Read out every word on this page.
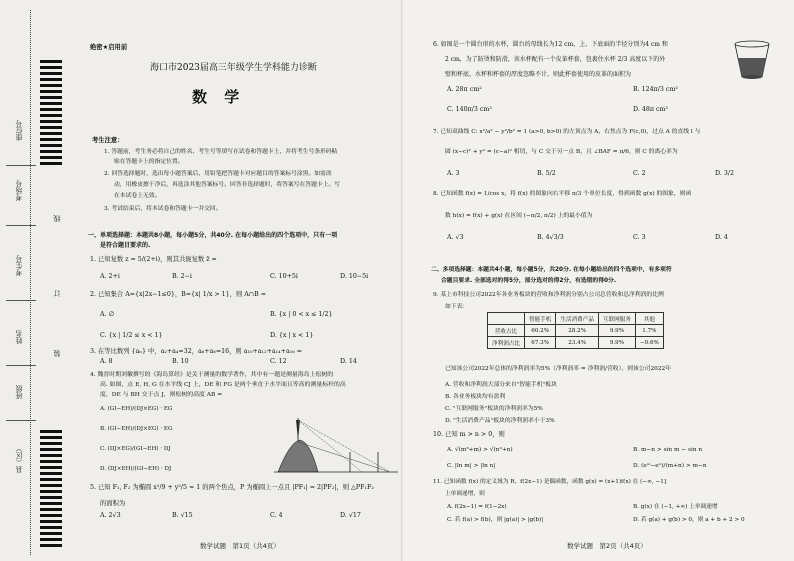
座位号
考场号
考生号
姓名
班级
县（区）
线
订
装
绝密★启用前
海口市2023届高三年级学生学科能力诊断
数 学
考生注意：
1. 答题前，考生务必将自己的姓名、考生号等填写在试卷和答题卡上，并将考生号条形码粘
贴在答题卡上的指定位置。
2. 回答选择题时，选出每小题答案后，用铅笔把答题卡对应题目的答案标号涂黑。如需改
动，用橡皮擦干净后，再选涂其他答案标号。回答非选择题时，将答案写在答题卡上。写
在本试卷上无效。
3. 考试结束后，将本试卷和答题卡一并交回。
一、单项选择题：本题共8小题，每小题5分，共40分. 在每小题给出的四个选项中，只有一项
是符合题目要求的.
1. 已知复数 z = 5/(2+i)，则其共轭复数 z̄ =
A. 2+i	B. 2−i	C. 10+5i	D. 10−5i
2. 已知集合 A={x|2x−1≤0}，B={x| 1/x > 1}，则 A∩B =
A. ∅	B. {x | 0 < x ≤ 1/2}
C. {x | 1/2 ≤ x < 1}	D. {x | x < 1}
3. 在等比数列 {aₙ} 中，a₂+a₄=32，a₆+a₈=16，则 a₁₀+a₁₂+a₁₄+a₁₆ =
A. 8	B. 10	C. 12	D. 14
4. 魏晋时期刘徽撰写的《海岛算经》是关于测量的数学著作，其中有一题是测量海岛上松树的
高. 如图，点 E, H, G 在水平线 CJ 上，DE 和 FG 是两个垂直于水平面且等高的测量标杆的高
度，DE 与 BH 交于点 J，则松树的高度 AB =
A. (GI−EH)/(DJ×EG) · EG
B. (GI−EH)/(DJ×EG) · EG
C. (DJ×EG)/(GI−EH) · DJ
D. (DJ×EH)/(GI−EH) · DJ
5. 已知 F₁, F₂ 为椭圆 x²/9 + y²/5 = 1 的两个焦点，P 为椭圆上一点且 |PF₁| = 2|PF₂|，则 △PF₁F₂
的面积为
A. 2√3	B. √15	C. 4	D. √17
数学试题　第1页（共4页）
6. 如图是一个圆台形的水杯，圆台的母线长为12 cm，上、下底面的半径分别为4 cm 和
2 cm，为了防烫和防滑，该水杯配有一个皮革杯套，包裹住水杯 2/3 高度以下的外
壁和杯底，水杯和杯套的厚度忽略不计，则此杯套使用的皮革的面积为
A. 28π cm²	B. 124π/3 cm²
C. 140π/3 cm²	D. 48π cm²
7. 已知双曲线 C: x²/a² − y²/b² = 1 (a>0, b>0) 的左顶点为 A，右焦点为 F(c,0)，过点 A 的直线 l 与
圆 (x−c)² + y² = (c−a)² 相切，与 C 交于另一点 B，且 ∠BAF = π/6，则 C 的离心率为
A. 3	B. 5/2	C. 2	D. 3/2
8. 已知函数 f(x) = 1/cos x，将 f(x) 的图象向右平移 π/3 个单位长度，得到函数 g(x) 的图象，则函
数 h(x) = f(x) + g(x) 在区间 (−π/2, π/2) 上的最小值为
A. √3	B. 4√3/3	C. 3	D. 4
二、多项选择题：本题共4小题，每小题5分，共20分. 在每小题给出的四个选项中，有多项符
合题目要求. 全部选对的得5分，部分选对的得2分，有选错的得0分.
9. 某上市科技公司2022年各业务板块的营收和净利润分别占公司总营收和总净利润的比例
如下表：
已知该公司2022年总体的净利润率为5%（净利润率 = 净利润/营收），则该公司2022年
A. 营收和净利润大部分来自"智能手机"板块
B. 各业务板块均有盈利
C. "互联网服务"板块的净利润率为5%
D. "生活消费产品"板块的净利润率小于3%
10. 已知 m > n > 0，则
A. √(m³+m) > √(n³+n)	B. m−n > sin m − sin n
C. |ln m| > |ln n|	D. (eᵐ−eⁿ)/(m+n) > m−n
11. 已知函数 f(x) 的定义域为 R，f(2x−1) 是偶函数，函数 g(x) = (x+1)f(x) 在 (−∞, −1]
上单调递增，则
A. f(2x−1) = f(1−2x)	B. g(x) 在 (−1, +∞) 上单调递增
C. 若 f(a) > f(b)，则 |g(a)| > |g(b)|	D. 若 g(a) + g(b) > 0，则 a + b + 2 > 0
数学试题　第2页（共4页）
	智能手机	生活消费产品	互联网服务	其他
营收占比	60.2%	28.2%	9.9%	1.7%
净利润占比	67.3%	23.4%	9.9%	−0.6%
